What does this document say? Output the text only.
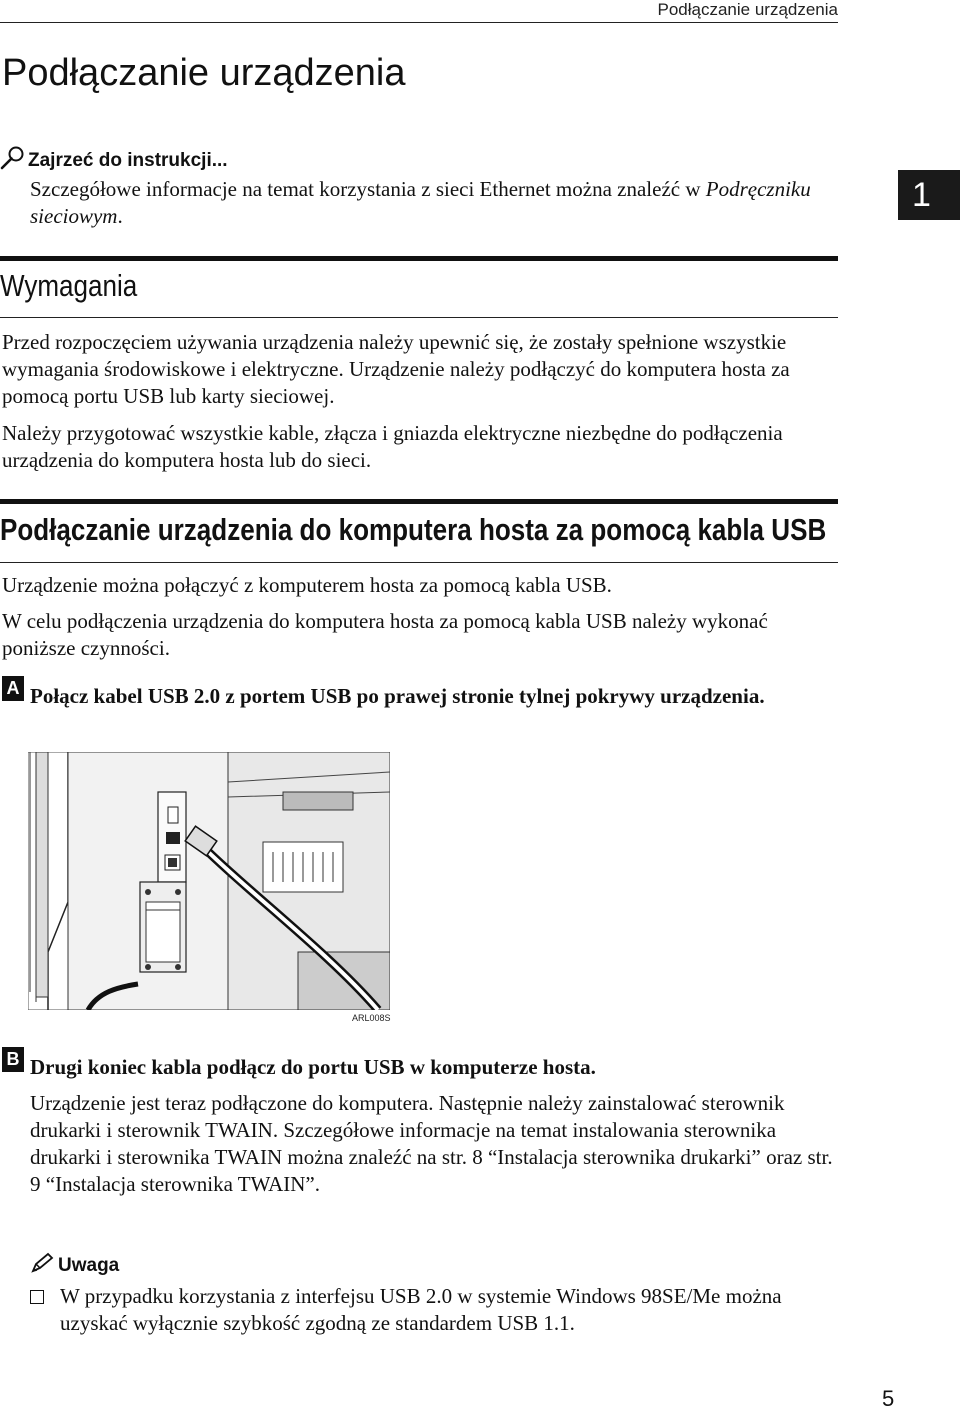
Podłączanie urządzenia
Podłączanie urządzenia
1
Zajrzeć do instrukcji...

Szczegółowe informacje na temat korzystania z sieci Ethernet można znaleźć w Podręczniku sieciowym.

Wymagania

Przed rozpoczęciem używania urządzenia należy upewnić się, że zostały spełnione wszystkie wymagania środowiskowe i elektryczne. Urządzenie należy podłączyć do komputera hosta za pomocą portu USB lub karty sieciowej.

Należy przygotować wszystkie kable, złącza i gniazda elektryczne niezbędne do podłączenia urządzenia do komputera hosta lub do sieci.

Podłączanie urządzenia do komputera hosta za pomocą kabla USB

Urządzenie można połączyć z komputerem hosta za pomocą kabla USB.

W celu podłączenia urządzenia do komputera hosta za pomocą kabla USB należy wykonać poniższe czynności.

A Połącz kabel USB 2.0 z portem USB po prawej stronie tylnej pokrywy urządzenia.

ARL008S
B Drugi koniec kabla podłącz do portu USB w komputerze hosta.

Urządzenie jest teraz podłączone do komputera. Następnie należy zainstalować sterownik drukarki i sterownik TWAIN. Szczegółowe informacje na temat instalowania sterownika drukarki i sterownika TWAIN można znaleźć na str. 8 “Instalacja sterownika drukarki” oraz str. 9 “Instalacja sterownika TWAIN”.

Uwaga

W przypadku korzystania z interfejsu USB 2.0 w systemie Windows 98SE/Me można uzyskać wyłącznie szybkość zgodną ze standardem USB 1.1.

5
